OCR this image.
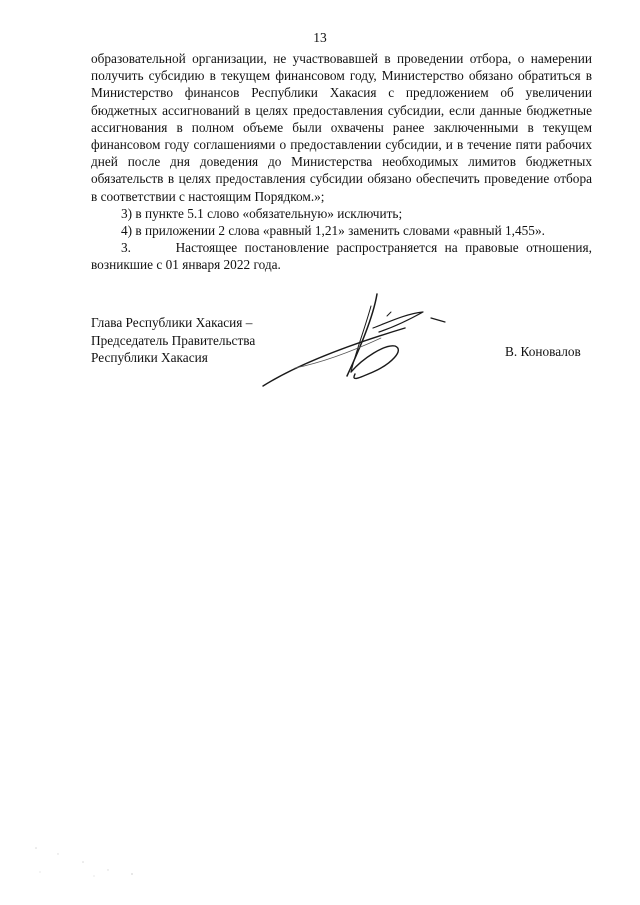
13

образовательной организации, не участвовавшей в проведении отбора, о намерении получить субсидию в текущем финансовом году, Министерство обязано обратиться в Министерство финансов Республики Хакасия с предложением об увеличении бюджетных ассигнований в целях предоставления субсидии, если данные бюджетные ассигнования в полном объеме были охвачены ранее заключенными в текущем финансовом году соглашениями о предоставлении субсидии, и в течение пяти рабочих дней после дня доведения до Министерства необходимых лимитов бюджетных обязательств в целях предоставления субсидии обязано обеспечить проведение отбора в соответствии с настоящим Порядком.»;

3) в пункте 5.1 слово «обязательную» исключить;

4) в приложении 2 слова «равный 1,21» заменить словами «равный 1,455».

3.      Настоящее постановление распространяется на правовые отношения, возникшие с 01 января 2022 года.

Глава Республики Хакасия –
Председатель Правительства
Республики Хакасия	В. Коновалов
